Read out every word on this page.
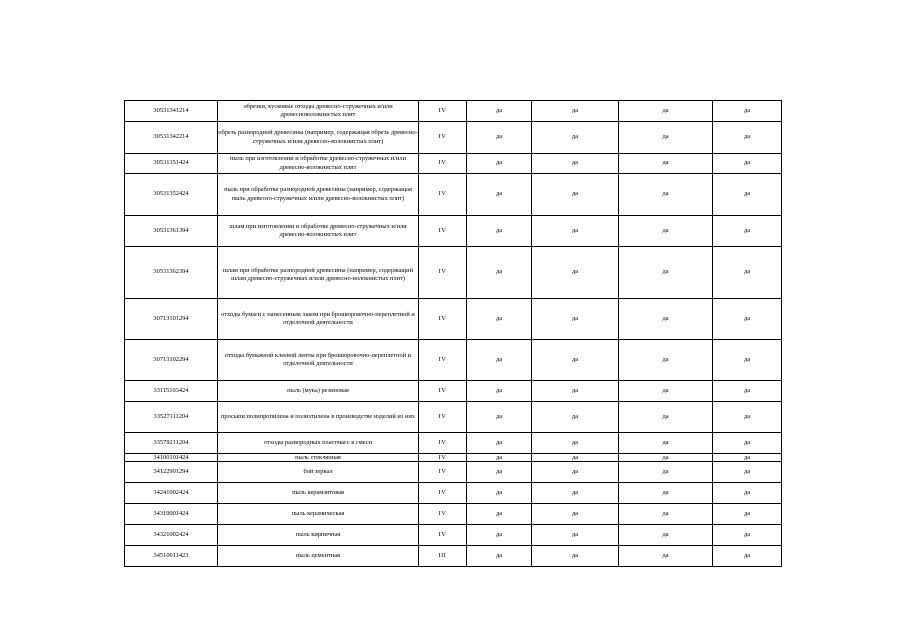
30531341214	обрезки, кусковые отходы древесно-стружечных и/или древесноволокнистых плит	IV	да	да	да	да
30531342214	обрезь разнородной древесины (например, содержащая обрезь древесно-стружечных и/или древесно-волокнистых плит)	IV	да	да	да	да
30531351424	пыль при изготовлении и обработке древесно-стружечных и/или древесно-волокнистых плит	IV	да	да	да	да
30531352424	пыль при обработке разнородной древесины (например, содержащая пыль древесно-стружечных и/или древесно-волокнистых плит)	IV	да	да	да	да
30531361394	шлам при изготовлении и обработке древесно-стружечных и/или древесно-волокнистых плит	IV	да	да	да	да
30531362394	шлам при обработке разнородной древесины (например, содержащий шлам древесно-стружечных и/или древесно-волокнистых плит)	IV	да	да	да	да
30713101294	отходы бумаги с нанесенным лаком при брошюровочно-переплетной и отделочной деятельности	IV	да	да	да	да
30713102294	отходы бумажной клеевой ленты при брошюровочно-переплетной и отделочной деятельности	IV	да	да	да	да
33115103424	пыль (мука) резиновая	IV	да	да	да	да
33527111204	просыпи полипропилена и полиэтилена в производстве изделий из них	IV	да	да	да	да
33579211204	отходы разнородных пластмасс в смеси	IV	да	да	да	да
34100101424	пыль стеклянная	IV	да	да	да	да
34122901294	бой зеркал	IV	да	да	да	да
34241002424	пыль керамзитовая	IV	да	да	да	да
34310001424	пыль керамическая	IV	да	да	да	да
34321002424	пыль кирпичная	IV	да	да	да	да
34510011423	пыль цементная	III	да	да	да	да
